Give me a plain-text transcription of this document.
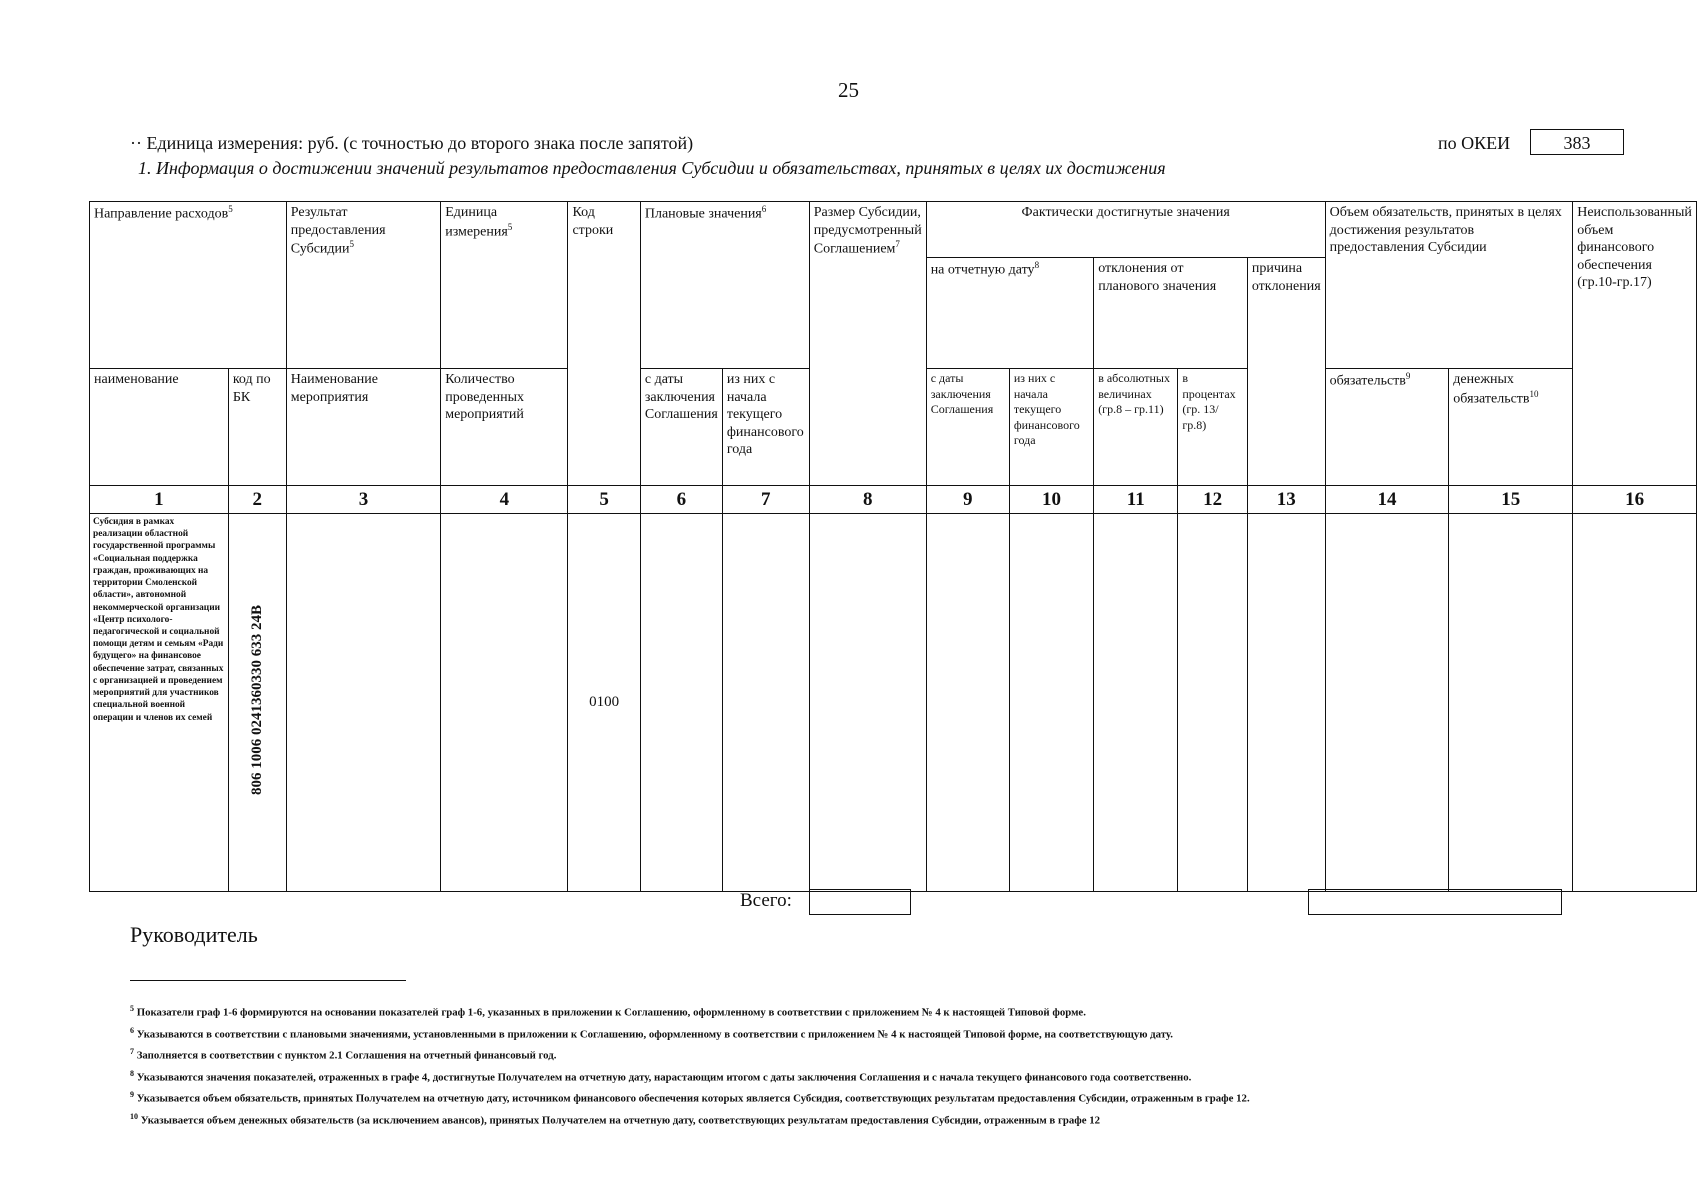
25
·· Единица измерения: руб. (с точностью до второго знака после запятой)	по ОКЕИ	383
1. Информация о достижении значений результатов предоставления Субсидии и обязательствах, принятых в целях их достижения
Направление расходов$^5$		Результат предоставления Субсидии$^5$	Единица измерения$^5$	Код строки	Плановые значения$^6$		Размер Субсидии, предусмотренный Соглашением$^7$	Фактически достигнутые значения					Объем обязательств, принятых в целях достижения результатов предоставления Субсидии		Неиспользованный объем финансового обеспечения (гр.10-гр.17)
								на отчетную дату$^8$		отклонения от планового значения		причина отклонения			
наименование	код по БК	Наименование мероприятия	Количество проведенных мероприятий		с даты заключения Соглашения	из них с начала текущего финансового года		с даты заключения Соглашения	из них с начала текущего финансового года	в абсолютных величинах (гр.8 – гр.11)	в процентах (гр. 13/ гр.8)		обязательств$^9$	денежных обязательств$^{10}$
1	2	3	4	5	6	7	8	9	10	11	12	13	14	15	16
Субсидия в рамках реализации областной государственной программы «Социальная поддержка граждан, проживающих на территории Смоленской области», автономной некоммерческой организации «Центр психолого-педагогической и социальной помощи детям и семьям «Ради будущего» на финансовое обеспечение затрат, связанных с организацией и проведением мероприятий для участников специальной военной операции и членов их семей	806 1006 0241360330 633 24В			0100											
Всего:
Руководитель
$^5$ Показатели граф 1-6 формируются на основании показателей граф 1-6, указанных в приложении к Соглашению, оформленному в соответствии с приложением № 4 к настоящей Типовой форме.
$^6$ Указываются в соответствии с плановыми значениями, установленными в приложении к Соглашению, оформленному в соответствии с приложением № 4 к настоящей Типовой форме, на соответствующую дату.
$^7$ Заполняется в соответствии с пунктом 2.1 Соглашения на отчетный финансовый год.
$^8$ Указываются значения показателей, отраженных в графе 4, достигнутые Получателем на отчетную дату, нарастающим итогом с даты заключения Соглашения и с начала текущего финансового года соответственно.
$^9$ Указывается объем обязательств, принятых Получателем на отчетную дату, источником финансового обеспечения которых является Субсидия, соответствующих результатам предоставления Субсидии, отраженным в графе 12.
$^{10}$ Указывается объем денежных обязательств (за исключением авансов), принятых Получателем на отчетную дату, соответствующих результатам предоставления Субсидии, отраженным в графе 12
